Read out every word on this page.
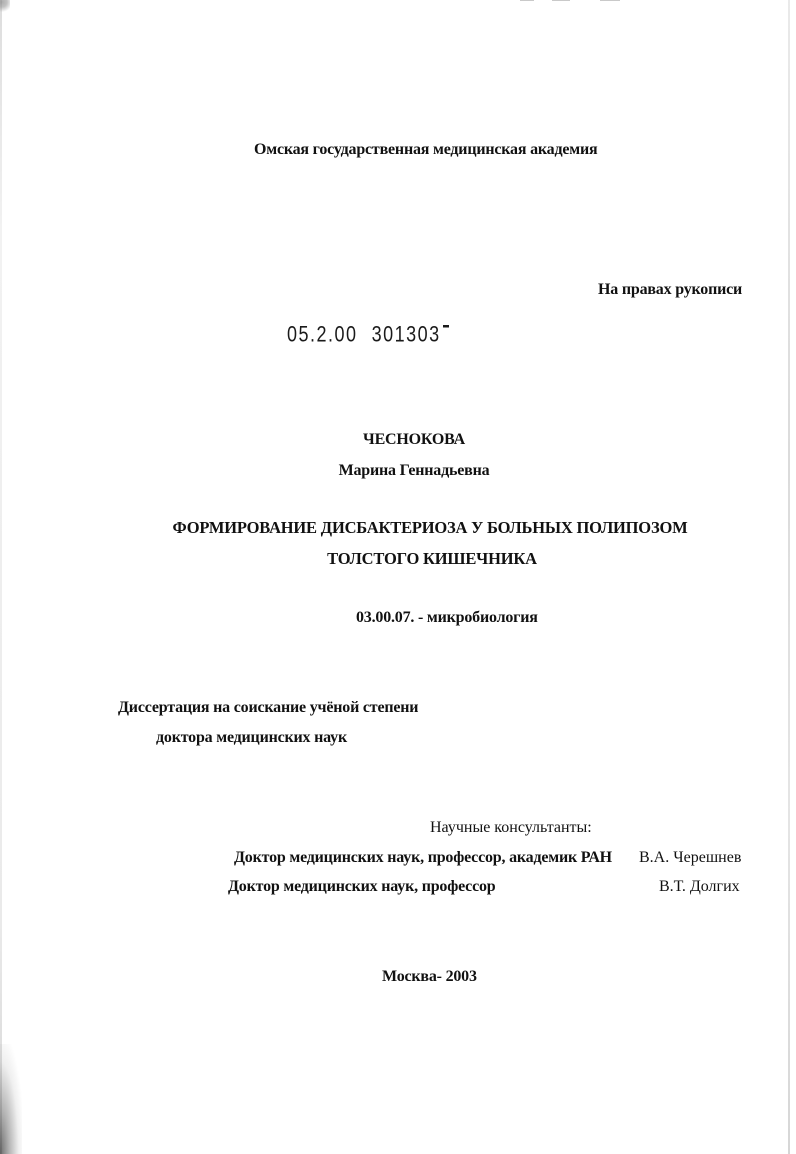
Омская государственная медицинская академия
На правах рукописи
05.2.00 301303
ЧЕСНОКОВА
Марина Геннадьевна
ФОРМИРОВАНИЕ ДИСБАКТЕРИОЗА У БОЛЬНЫХ ПОЛИПОЗОМ
ТОЛСТОГО КИШЕЧНИКА
03.00.07. - микробиология
Диссертация на соискание учёной степени
доктора медицинских наук
Научные консультанты:
Доктор медицинских наук, профессор, академик РАН В.А. Черешнев
Доктор медицинских наук, профессор	В.Т. Долгих
Москва- 2003
